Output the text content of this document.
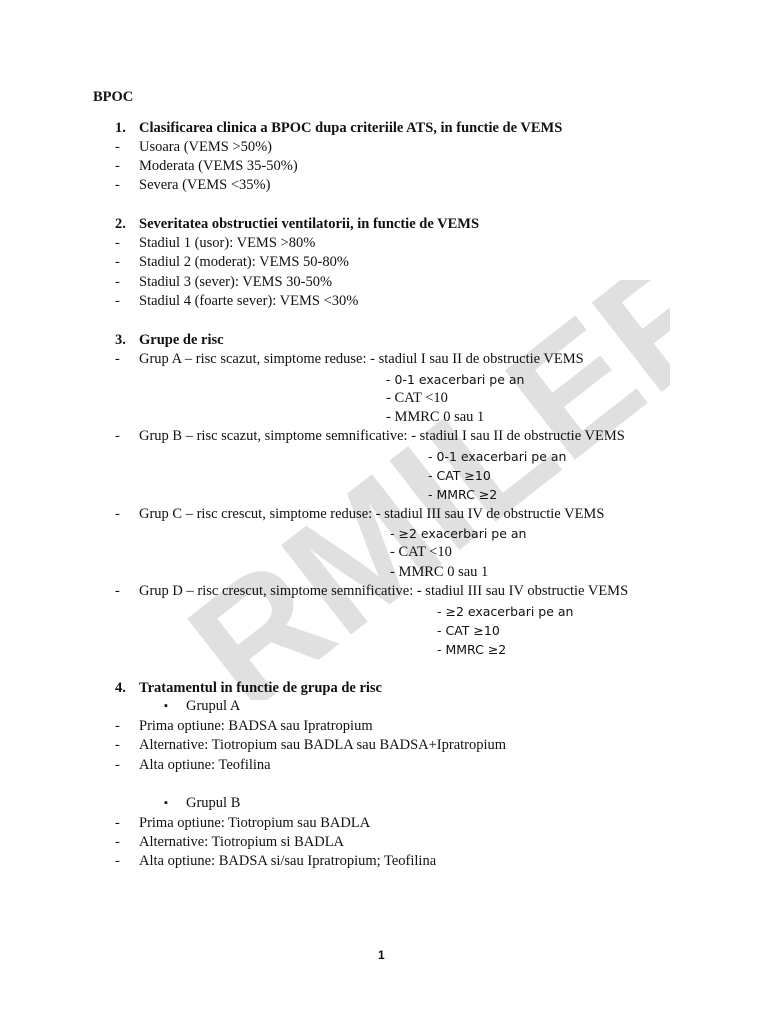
RMILER
BPOC
1. Clasificarea clinica a BPOC dupa criteriile ATS, in functie de VEMS
- Usoara (VEMS >50%)
- Moderata (VEMS 35-50%)
- Severa (VEMS <35%)
2. Severitatea obstructiei ventilatorii, in functie de VEMS
- Stadiul 1 (usor): VEMS >80%
- Stadiul 2 (moderat): VEMS 50-80%
- Stadiul 3 (sever): VEMS 30-50%
- Stadiul 4 (foarte sever): VEMS <30%
3. Grupe de risc
- Grup A – risc scazut, simptome reduse: - stadiul I sau II de obstructie VEMS
- 0-1 exacerbari pe an
- CAT <10
- MMRC 0 sau 1
- Grup B – risc scazut, simptome semnificative: - stadiul I sau II de obstructie VEMS
- 0-1 exacerbari pe an
- CAT ≥10
- MMRC ≥2
- Grup C – risc crescut, simptome reduse: - stadiul III sau IV de obstructie VEMS
- ≥2 exacerbari pe an
- CAT <10
- MMRC 0 sau 1
- Grup D – risc crescut, simptome semnificative: - stadiul III sau IV obstructie VEMS
- ≥2 exacerbari pe an
- CAT ≥10
- MMRC ≥2
4. Tratamentul in functie de grupa de risc
▪ Grupul A
- Prima optiune: BADSA sau Ipratropium
- Alternative: Tiotropium sau BADLA sau BADSA+Ipratropium
- Alta optiune: Teofilina
▪ Grupul B
- Prima optiune: Tiotropium sau BADLA
- Alternative: Tiotropium si BADLA
- Alta optiune: BADSA si/sau Ipratropium; Teofilina
1
